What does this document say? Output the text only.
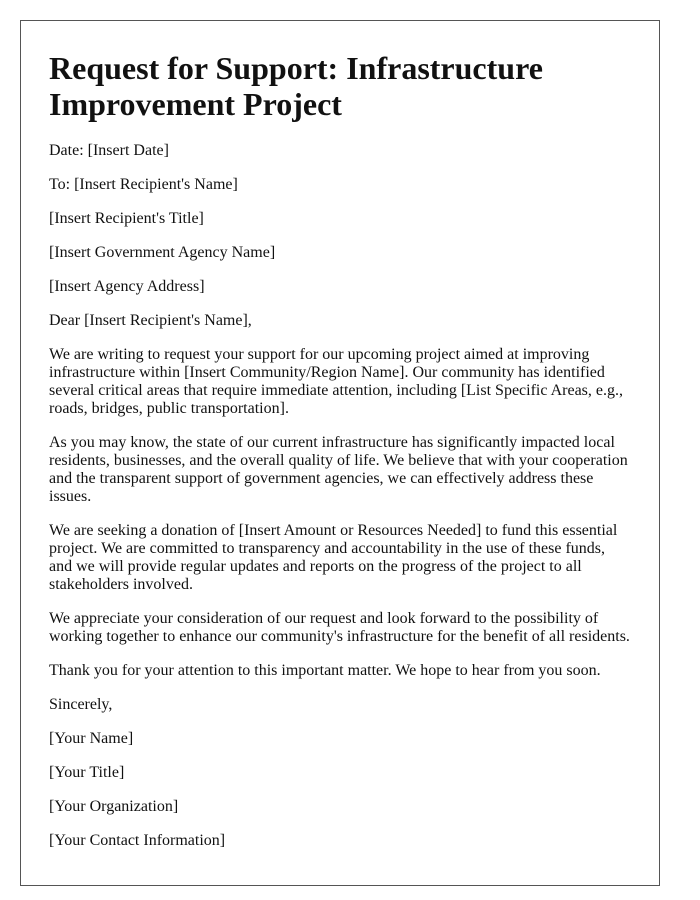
Request for Support: Infrastructure Improvement Project
Date: [Insert Date]
To: [Insert Recipient's Name]
[Insert Recipient's Title]
[Insert Government Agency Name]
[Insert Agency Address]
Dear [Insert Recipient's Name],

We are writing to request your support for our upcoming project aimed at improving infrastructure within [Insert Community/Region Name]. Our community has identified several critical areas that require immediate attention, including [List Specific Areas, e.g., roads, bridges, public transportation].

As you may know, the state of our current infrastructure has significantly impacted local residents, businesses, and the overall quality of life. We believe that with your cooperation and the transparent support of government agencies, we can effectively address these issues.

We are seeking a donation of [Insert Amount or Resources Needed] to fund this essential project. We are committed to transparency and accountability in the use of these funds, and we will provide regular updates and reports on the progress of the project to all stakeholders involved.

We appreciate your consideration of our request and look forward to the possibility of working together to enhance our community's infrastructure for the benefit of all residents.

Thank you for your attention to this important matter. We hope to hear from you soon.

Sincerely,
[Your Name]
[Your Title]
[Your Organization]
[Your Contact Information]
